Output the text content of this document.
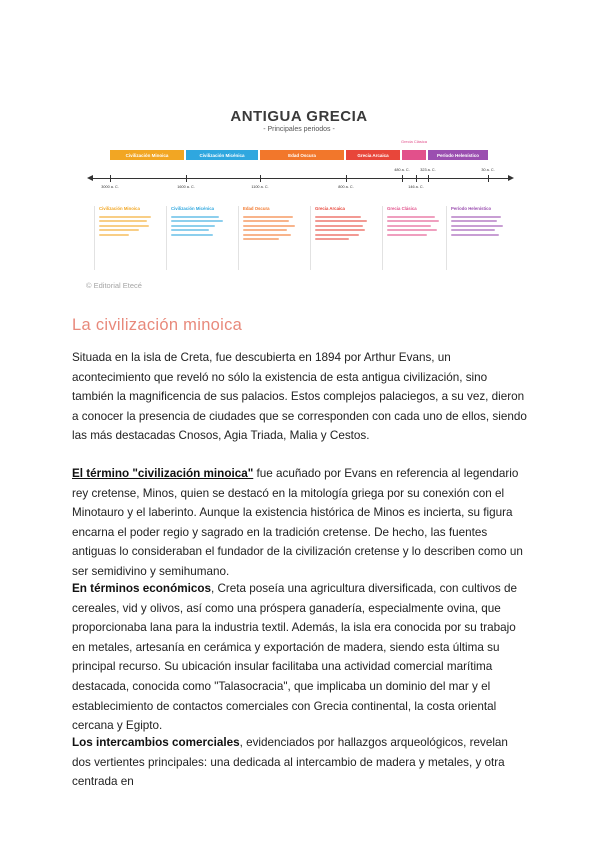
ANTIGUA GRECIA
- Principales periodos -
Civilización Minoica	Civilización Micénica	Edad Oscura	Grecia Arcaica
Grecia Clásica
Período Helenístico
3000 a. C.	1600 a. C.	1100 a. C.	800 a. C.
480 a. C.	323 a. C.	30 a. C.
146 a. C.
Civilización Minoica	Civilización Micénica	Edad Oscura	Grecia Arcaica	Grecia Clásica	Período Helenístico
© Editorial Etecé
La civilización minoica
Situada en la isla de Creta, fue descubierta en 1894 por Arthur Evans, un acontecimiento que reveló no sólo la existencia de esta antigua civilización, sino también la magnificencia de sus palacios. Estos complejos palaciegos, a su vez, dieron a conocer la presencia de ciudades que se corresponden con cada uno de ellos, siendo las más destacadas Cnosos, Agia Triada, Malia y Cestos.
El término "civilización minoica" fue acuñado por Evans en referencia al legendario rey cretense, Minos, quien se destacó en la mitología griega por su conexión con el Minotauro y el laberinto. Aunque la existencia histórica de Minos es incierta, su figura encarna el poder regio y sagrado en la tradición cretense. De hecho, las fuentes antiguas lo consideraban el fundador de la civilización cretense y lo describen como un ser semidivino y semihumano.
En términos económicos, Creta poseía una agricultura diversificada, con cultivos de cereales, vid y olivos, así como una próspera ganadería, especialmente ovina, que proporcionaba lana para la industria textil. Además, la isla era conocida por su trabajo en metales, artesanía en cerámica y exportación de madera, siendo esta última su principal recurso. Su ubicación insular facilitaba una actividad comercial marítima destacada, conocida como "Talasocracia", que implicaba un dominio del mar y el establecimiento de contactos comerciales con Grecia continental, la costa oriental cercana y Egipto.
Los intercambios comerciales, evidenciados por hallazgos arqueológicos, revelan dos vertientes principales: una dedicada al intercambio de madera y metales, y otra centrada en
